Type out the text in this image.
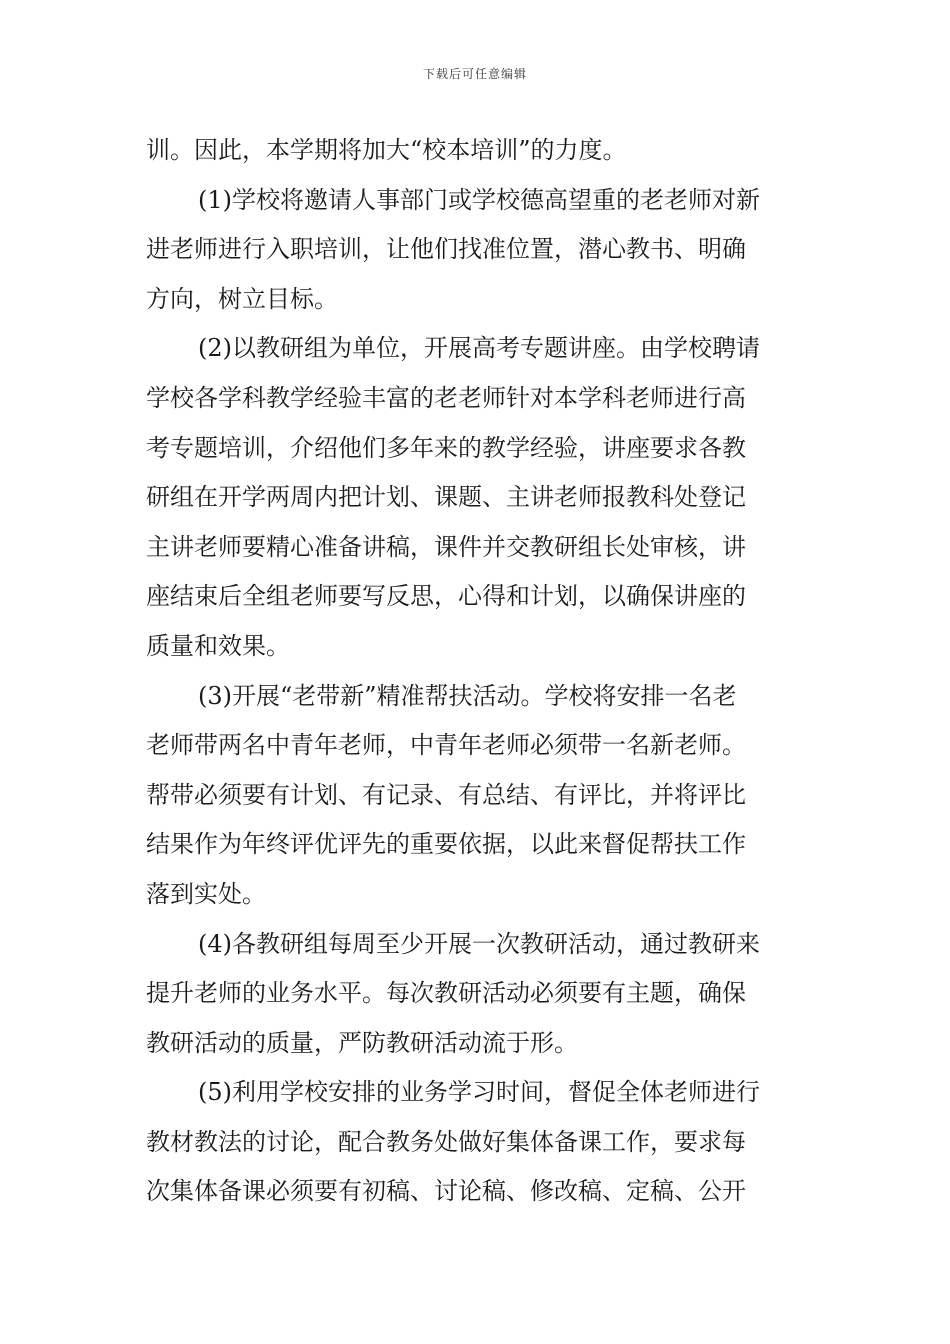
下载后可任意编辑
训。因此，本学期将加大“校本培训”的力度。
(1)学校将邀请人事部门或学校德高望重的老老师对新
进老师进行入职培训，让他们找准位置，潜心教书、明确
方向，树立目标。
(2)以教研组为单位，开展高考专题讲座。由学校聘请
学校各学科教学经验丰富的老老师针对本学科老师进行高
考专题培训，介绍他们多年来的教学经验，讲座要求各教
研组在开学两周内把计划、课题、主讲老师报教科处登记
主讲老师要精心准备讲稿，课件并交教研组长处审核，讲
座结束后全组老师要写反思，心得和计划，以确保讲座的
质量和效果。
(3)开展“老带新”精准帮扶活动。学校将安排一名老
老师带两名中青年老师，中青年老师必须带一名新老师。
帮带必须要有计划、有记录、有总结、有评比，并将评比
结果作为年终评优评先的重要依据，以此来督促帮扶工作
落到实处。
(4)各教研组每周至少开展一次教研活动，通过教研来
提升老师的业务水平。每次教研活动必须要有主题，确保
教研活动的质量，严防教研活动流于形。
(5)利用学校安排的业务学习时间，督促全体老师进行
教材教法的讨论，配合教务处做好集体备课工作，要求每
次集体备课必须要有初稿、讨论稿、修改稿、定稿、公开
